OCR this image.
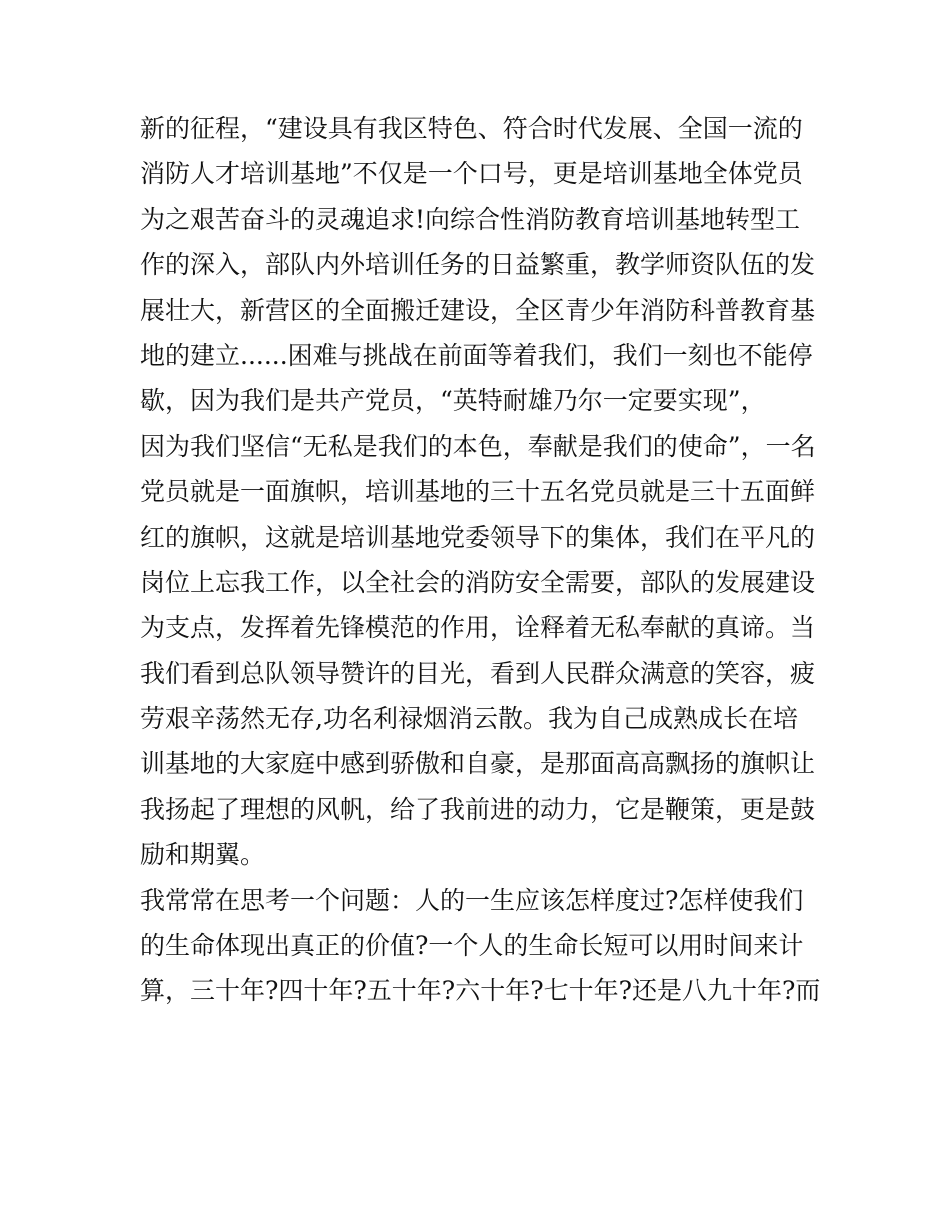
新的征程，“建设具有我区特色、符合时代发展、全国一流的
消防人才培训基地”不仅是一个口号，更是培训基地全体党员
为之艰苦奋斗的灵魂追求!向综合性消防教育培训基地转型工
作的深入，部队内外培训任务的日益繁重，教学师资队伍的发
展壮大，新营区的全面搬迁建设，全区青少年消防科普教育基
地的建立......困难与挑战在前面等着我们，我们一刻也不能停
歇，因为我们是共产党员，“英特耐雄乃尔一定要实现”，
因为我们坚信“无私是我们的本色，奉献是我们的使命”，一名
党员就是一面旗帜，培训基地的三十五名党员就是三十五面鲜
红的旗帜，这就是培训基地党委领导下的集体，我们在平凡的
岗位上忘我工作，以全社会的消防安全需要，部队的发展建设
为支点，发挥着先锋模范的作用，诠释着无私奉献的真谛。当
我们看到总队领导赞许的目光，看到人民群众满意的笑容，疲
劳艰辛荡然无存,功名利禄烟消云散。我为自己成熟成长在培
训基地的大家庭中感到骄傲和自豪，是那面高高飘扬的旗帜让
我扬起了理想的风帆，给了我前进的动力，它是鞭策，更是鼓
励和期翼。
我常常在思考一个问题：人的一生应该怎样度过?怎样使我们
的生命体现出真正的价值?一个人的生命长短可以用时间来计
算，三十年?四十年?五十年?六十年?七十年?还是八九十年?而
